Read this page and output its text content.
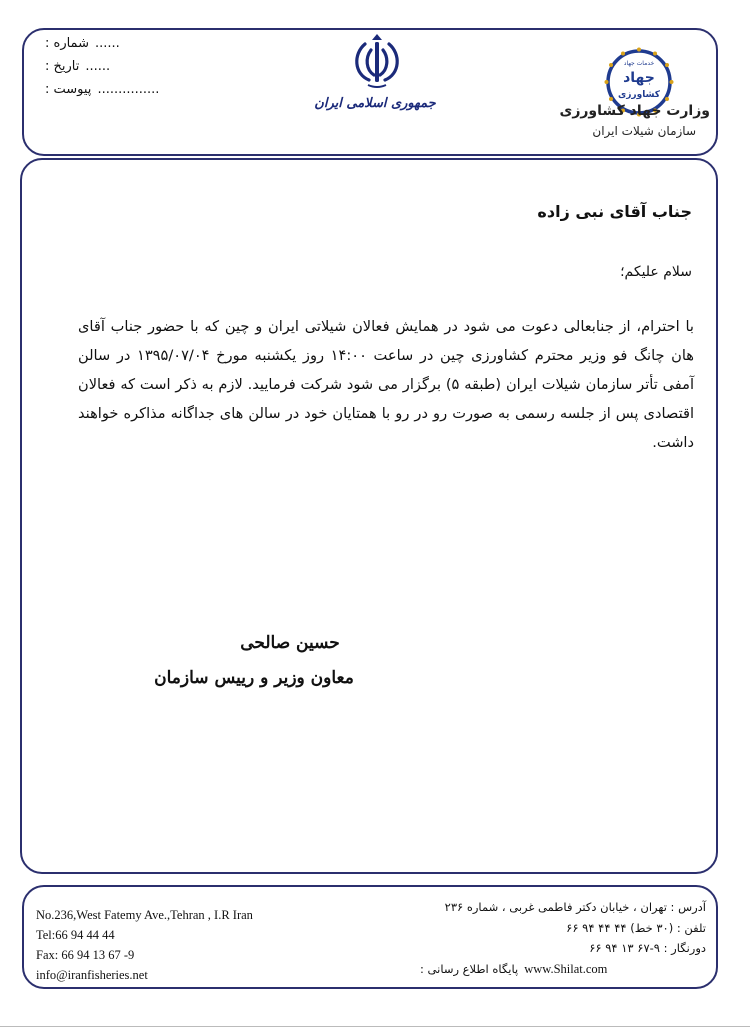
شماره : ......
تاریخ : ......
پیوست : ...............
جمهوری اسلامی ایران
خدمات جهاد
جهاد
کشاورزی
وزارت جهاد کشاورزی
سازمان شیلات ایران
جناب آقای نبی زاده
سلام علیکم؛
با احترام، از جنابعالی دعوت می شود در همایش فعالان شیلاتی ایران و چین که با حضور جناب آقای هان چانگ فو وزیر محترم کشاورزی چین در ساعت ۱۴:۰۰ روز یکشنبه مورخ ۱۳۹۵/۰۷/۰۴ در سالن آمفی تأتر سازمان شیلات ایران (طبقه ۵) برگزار می شود شرکت فرمایید. لازم به ذکر است که فعالان اقتصادی پس از جلسه رسمی به صورت رو در رو با همتایان خود در سالن های جداگانه مذاکره خواهند داشت.
حسین صالحی
معاون وزیر و رییس سازمان
No.236,West Fatemy Ave.,Tehran , I.R Iran
Tel:66 94 44 44
Fax: 66 94 13 67 -9
info@iranfisheries.net
آدرس : تهران ، خیابان دکتر فاطمی غربی ، شماره ۲۳۶
تلفن : (۳۰ خط) ۴۴ ۴۴ ۹۴ ۶۶
دورنگار : ۹-۶۷ ۱۳ ۹۴ ۶۶
پایگاه اطلاع رسانی : www.Shilat.com
